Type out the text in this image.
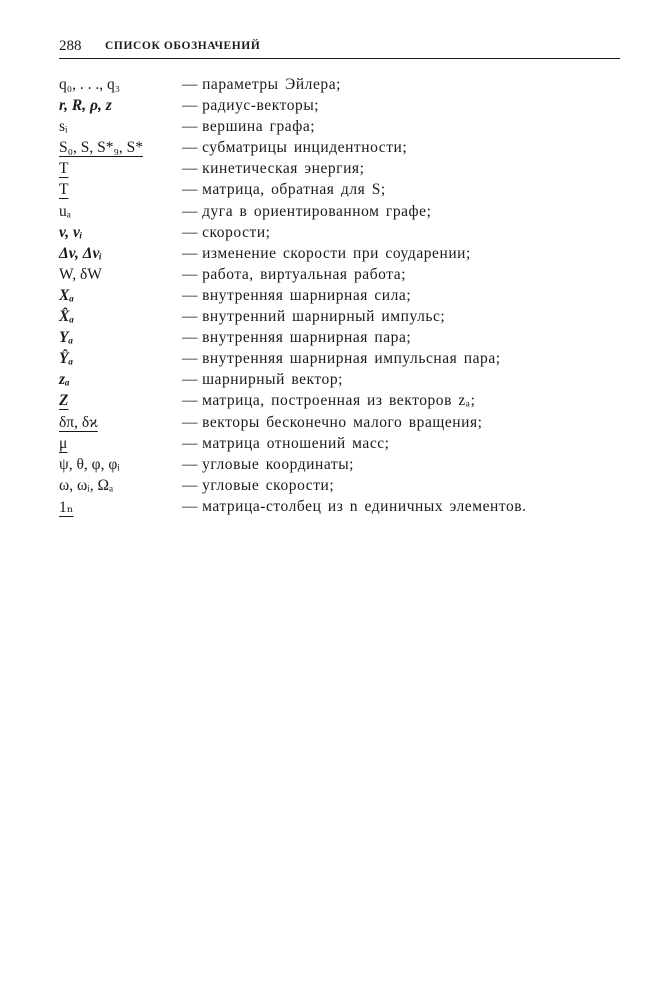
288 СПИСОК ОБОЗНАЧЕНИЙ
q₀, . . ., q₃	— параметры Эйлера;
r, R, ρ, z	— радиус-векторы;
sᵢ	— вершина графа;
S₀, S, S*₉, S*	— субматрицы инцидентности;
T	— кинетическая энергия;
T	— матрица, обратная для S;
uₐ	— дуга в ориентированном графе;
v, vᵢ	— скорости;
Δv, Δvᵢ	— изменение скорости при соударении;
W, δW	— работа, виртуальная работа;
Xₐ	— внутренняя шарнирная сила;
X̂ₐ	— внутренний шарнирный импульс;
Yₐ	— внутренняя шарнирная пара;
Ŷₐ	— внутренняя шарнирная импульсная пара;
zₐ	— шарнирный вектор;
Z	— матрица, построенная из векторов zₐ;
δπ, δϰ	— векторы бесконечно малого вращения;
μ	— матрица отношений масс;
ψ, θ, φ, φᵢ	— угловые координаты;
ω, ωᵢ, Ωₐ	— угловые скорости;
1ₙ	— матрица-столбец из n единичных элементов.
